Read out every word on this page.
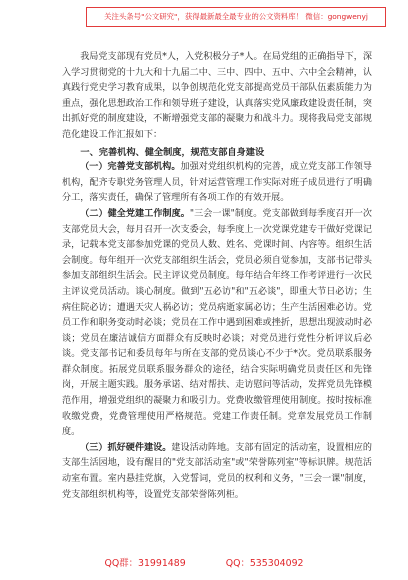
关注头条号"公文研究"，获得最新最全最专业的公文资料库！ 微信：gongwenyj

我局党支部现有党员*人，入党积极分子*人。在局党组的正确指导下，深入学习贯彻党的十九大和十九届二中、三中、四中、五中、六中全会精神，认真践行党史学习教育成果，以争创规范化党支部提高党员干部队伍素质能力为重点，强化思想政治工作和领导班子建设，认真落实党风廉政建设责任制，突出抓好党的制度建设，不断增强党支部的凝聚力和战斗力。现将我局党支部规范化建设工作汇报如下：

一、完善机构、健全制度，规范支部自身建设

（一）完善党支部机构。加强对党组织机构的完善，成立党支部工作领导机构，配齐专职党务管理人员，针对运营管理工作实际对班子成员进行了明确分工，落实责任，确保了管理所有各项工作的有效开展。

（二）健全党建工作制度。"三会一课"制度。党支部做到每季度召开一次支部党员大会，每月召开一次支委会，每季度上一次党课党建专干做好党课记录，记载本党支部参加党课的党员人数、姓名、党课时间、内容等。组织生活会制度。每年组开一次党支部组织生活会，党员必须自觉参加，支部书记带头参加支部组织生活会。民主评议党员制度。每年结合年终工作考评进行一次民主评议党员活动。谈心制度。做到"五必访"和"五必谈"，即重大节日必访；生病住院必访；遭遇天灾人祸必访；党员病逝家属必访；生产生活困难必访。党员工作和职务变动时必谈；党员在工作中遇到困难或挫折，思想出现波动时必谈；党员在廉洁诚信方面群众有反映时必谈；对党员进行党性分析评议后必谈。党支部书记和委员每年与所在支部的党员谈心不少于*次。党员联系服务群众制度。拓展党员联系服务群众的途径，结合实际明确党员责任区和先锋岗，开展主题实践。服务承诺、结对帮扶、走访慰问等活动，发挥党员先锋模范作用，增强党组织的凝聚力和吸引力。党费收缴管理使用制度。按时按标准收缴党费，党费管理使用严格规范。党建工作责任制。党章发展党员工作制度。

（三）抓好硬件建设。建设活动阵地。支部有固定的活动室，设置相应的支部生活园地，设有醒目的"党支部活动室"或"荣誉陈列室"等标识牌。规范活动室布置。室内悬挂党旗，入党誓词，党员的权利和义务，"三会一课"制度，党支部组织机构等，设置党支部荣誉陈列柜。

QQ群：31991489	QQ：535304092
